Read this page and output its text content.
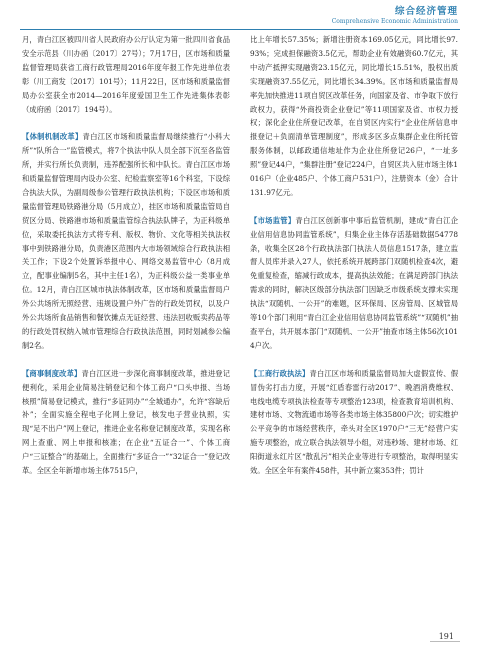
综合经济管理
Comprehensive Economic Administration

月，青白江区被四川省人民政府办公厅认定为第一批四川省食品安全示范县（川办函〔2017〕27号）；7月17日，区市场和质量监督管理局获省工商行政管理局2016年度年报工作先进单位表彰（川工商发〔2017〕101号）；11月22日，区市场和质量监督局办公室获全市2014—2016年度爱国卫生工作先进集体表彰（成府函〔2017〕194号）。

【体制机制改革】青白江区市场和质量监督局继续推行“小科大所”“队所合一”监管模式，将7个执法中队人员全部下沉至各监管所，并实行所长负责制，违养配强所长和中队长。青白江区市场和质量监督管理局内设办公室、纪检监察室等16个科室，下设综合执法大队，为副局级参公管理行政执法机构；下设区市场和质量监督管理局铁路港分局（5月成立），挂区市场和质量监管局自贸区分局、铁路港市场和质量监管综合执法队牌子，为正科级单位，采取委托执法方式将专利、版权、物价、文化等相关执法权事中到铁路港分局，负责港区范围内大市场领域综合行政执法相关工作；下设2个处置诉举报中心、网络交易监管中心（8月成立，配事业编制5名，其中主任1名），为正科级公益一类事业单位。12月，青白江区城市执法体制改革，区市场和质量监督局户外公共场所无照经营、违规设置户外广告的行政处罚权，以及户外公共场所食品销售和餐饮摊点无证经营、违法回收贩卖药品等的行政处罚权纳入城市管理综合行政执法范围，同时划减参公编制2名。

【商事制度改革】青白江区进一步深化商事制度改革，推进登记便利化，采用企业简易注销登记和个体工商户“口头申报、当场核照”简易登记模式，推行“多证同办”“全城通办”，允许“容缺后补”；全面实施全程电子化网上登记，核发电子营业执照，实现“足不出户”网上登记，推进企业名称登记制度改革，实现名称网上查重、网上申报和核准；在企业“五证合一”、个体工商户“三证整合”的基础上，全面推行“多证合一”“32证合一”登记改革。全区全年新增市场主体7515户，

比上年增长57.35%；新增注册资本169.05亿元，同比增长97.93%；完成担保融资3.5亿元，帮助企业有效融资60.7亿元，其中动产抵押实现融资23.15亿元，同比增长15.51%，股权出质实现融资37.55亿元，同比增长34.39%。区市场和质量监督局率先加快推进11项自贸区改革任务，向国家及省、市争取下放行政权力，获得“外商投资企业登记”等11项国家及省、市权力授权；深化企业住所登记改革，在自贸区内实行“企业住所信息申报登记＋负面清单管理制度”，形成多区多点集群企业住所托管服务体制，以邮政通信地址作为企业住所登记26户，“一址多照”登记44户，“集群注册”登记224户，自贸区共入驻市场主体1016户（企业485户、个体工商户531户），注册资本（金）合计131.97亿元。

【市场监管】青白江区创新事中事后监管机制，建成“青白江企业信用信息协同监管系统”，归集企业主体存活基础数据54778条，收集全区28个行政执法部门执法人员信息1517条，建立监督人员库并录入27人，依托系统开展跨部门双随机检查4次，避免重复检查，缩减行政成本，提高执法效能；在满足跨部门执法需求的同时，解决区级部分执法部门因缺乏市级系统支撑未实现执法“双随机、一公开”的难题，区环保局、区房管局、区城管局等10个部门利用“青白江企业信用信息协同监管系统”“双随机”抽查平台，共开展本部门“双随机、一公开”抽查市场主体56次1014户次。

【工商行政执法】青白江区市场和质量监督局加大虚假宣传、假冒伪劣打击力度，开展“红盾春雷行动2017”、晚酒消费维权、电线电缆专项执法检查等专项整治123项，检查教育培训机构、建材市场、文物流通市场等各类市场主体35800户次；切实维护公平竞争的市场经营秩序，牵头对全区1970户“三无”经营户实施专项整治，成立联合执法领导小组，对违秒场、建材市场、红阳街道永红片区“散乱污”相关企业等进行专项整治，取得明显实效。全区全年有案件458件，其中新立案353件；罚计

191
